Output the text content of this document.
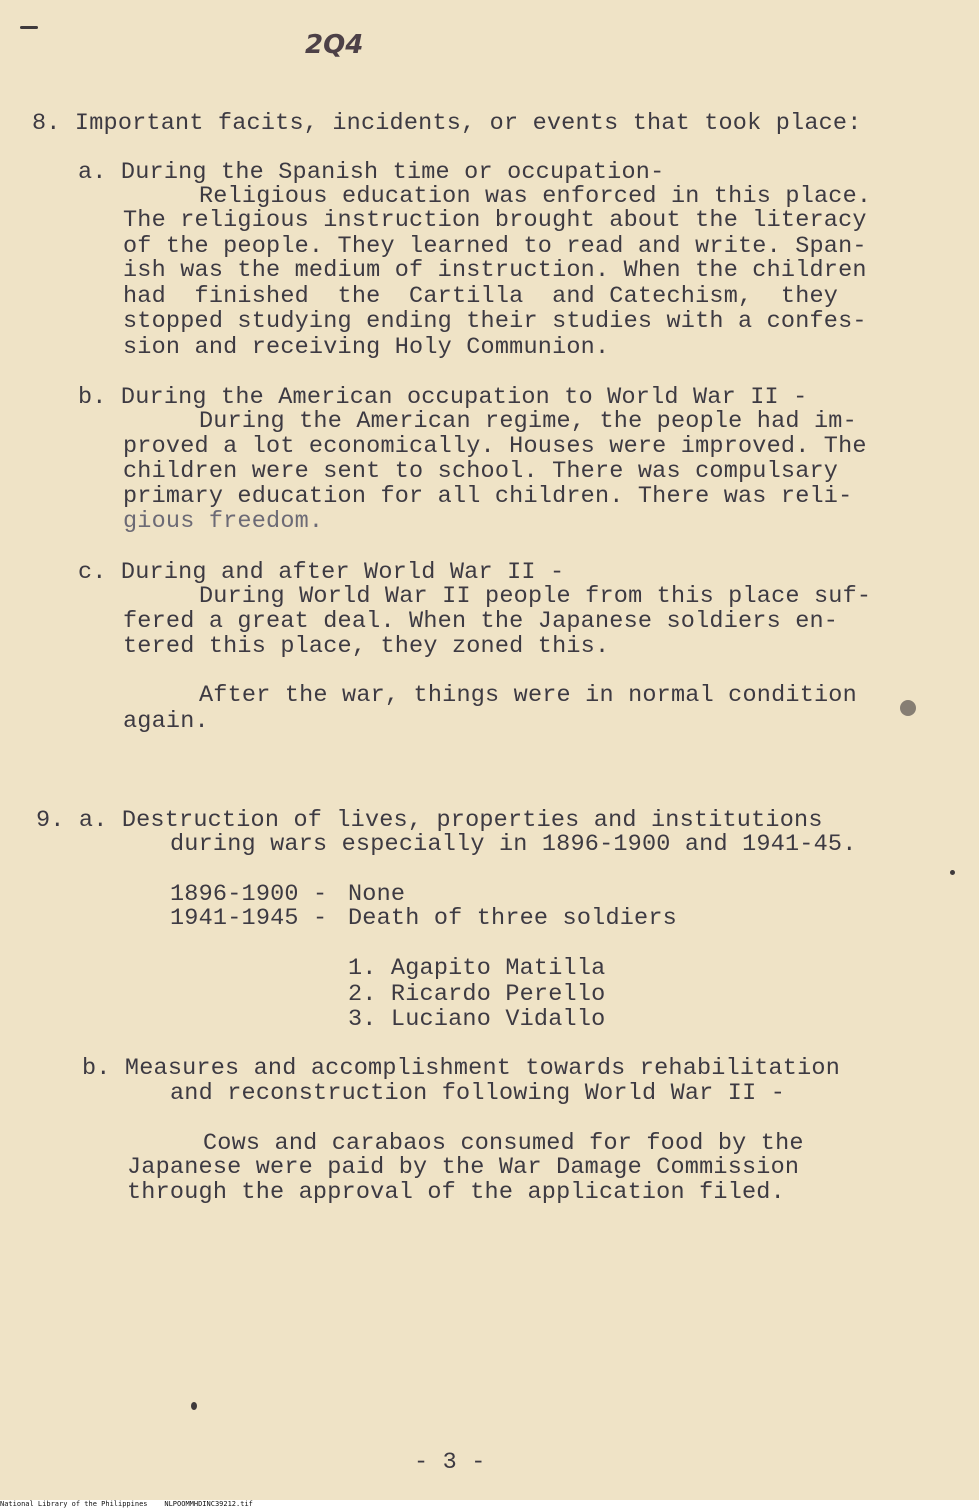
2Q4

8. Important facits, incidents, or events that took place:

a. During the Spanish time or occupation-

Religious education was enforced in this place.

The religious instruction brought about the literacy

of the people. They learned to read and write. Span-

ish was the medium of instruction. When the children

had  finished  the  Cartilla  and Catechism,  they

stopped studying ending their studies with a confes-

sion and receiving Holy Communion.

b. During the American occupation to World War II -

During the American regime, the people had im-

proved a lot economically. Houses were improved. The

children were sent to school. There was compulsary

primary education for all children. There was reli-

gious freedom.

c. During and after World War II -

During World War II people from this place suf-

fered a great deal. When the Japanese soldiers en-

tered this place, they zoned this.

After the war, things were in normal condition

again.

9. a. Destruction of lives, properties and institutions

during wars especially in 1896-1900 and 1941-45.

1896-1900 - None

1941-1945 - Death of three soldiers

1. Agapito Matilla

2. Ricardo Perello

3. Luciano Vidallo

b. Measures and accomplishment towards rehabilitation

and reconstruction following World War II -

Cows and carabaos consumed for food by the

Japanese were paid by the War Damage Commission

through the approval of the application filed.

- 3 -

National Library of the Philippines NLPOOMMHDINC39212.tif
